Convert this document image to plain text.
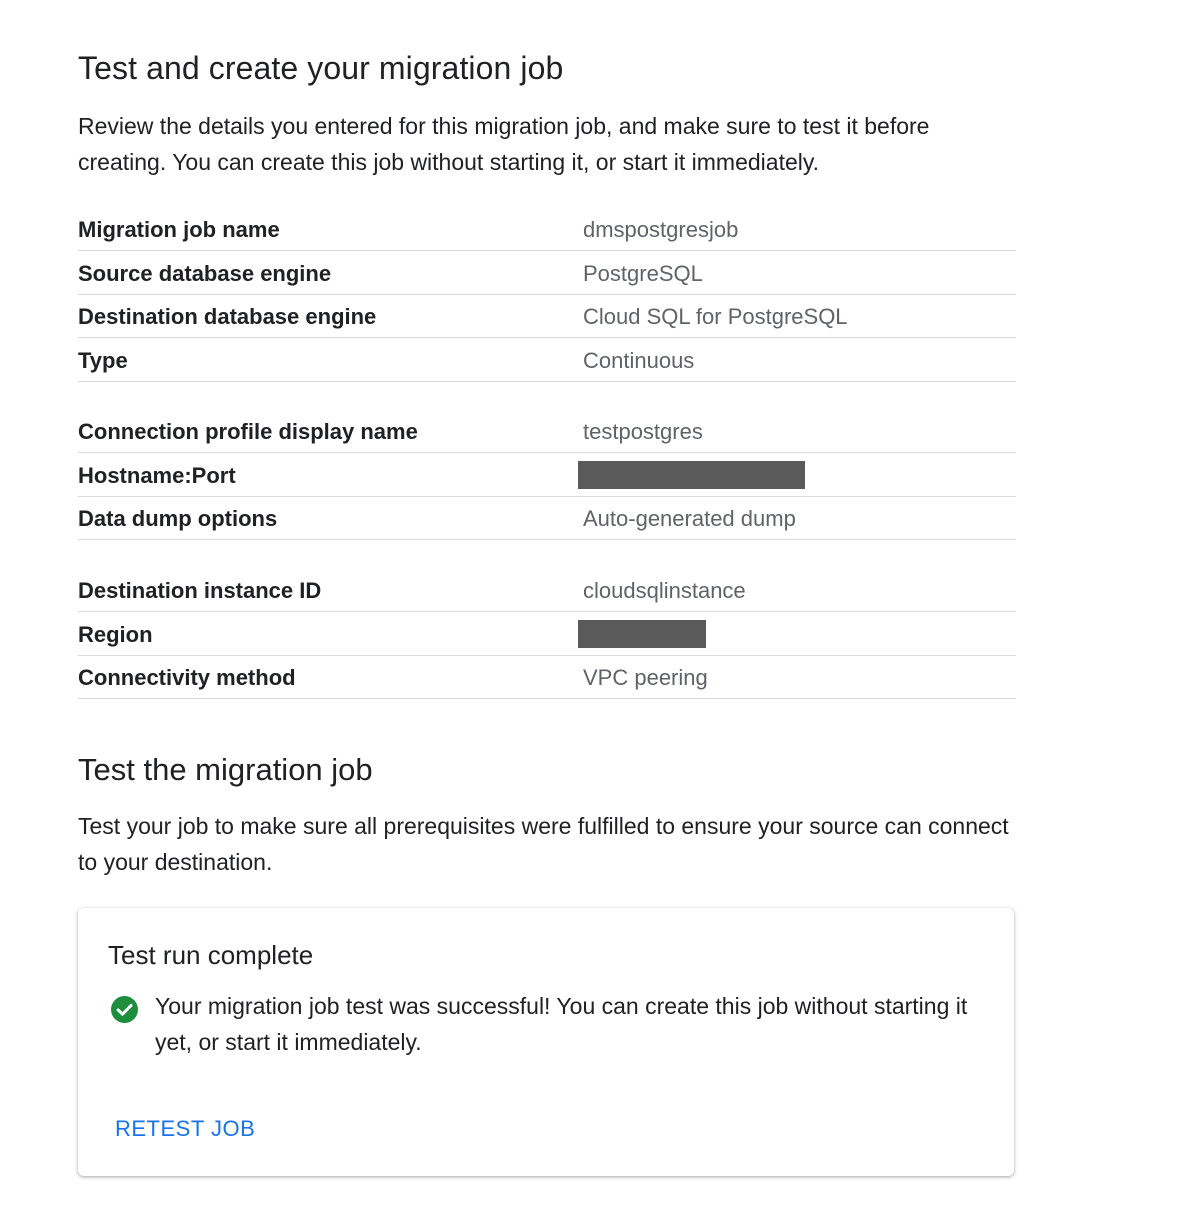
Test and create your migration job
Review the details you entered for this migration job, and make sure to test it before creating. You can create this job without starting it, or start it immediately.
Migration job name	dmspostgresjob
Source database engine	PostgreSQL
Destination database engine	Cloud SQL for PostgreSQL
Type	Continuous
Connection profile display name	testpostgres
Hostname:Port
Data dump options	Auto-generated dump
Destination instance ID	cloudsqlinstance
Region
Connectivity method	VPC peering
Test the migration job
Test your job to make sure all prerequisites were fulfilled to ensure your source can connect to your destination.
Test run complete
Your migration job test was successful! You can create this job without starting it yet, or start it immediately.
RETEST JOB
